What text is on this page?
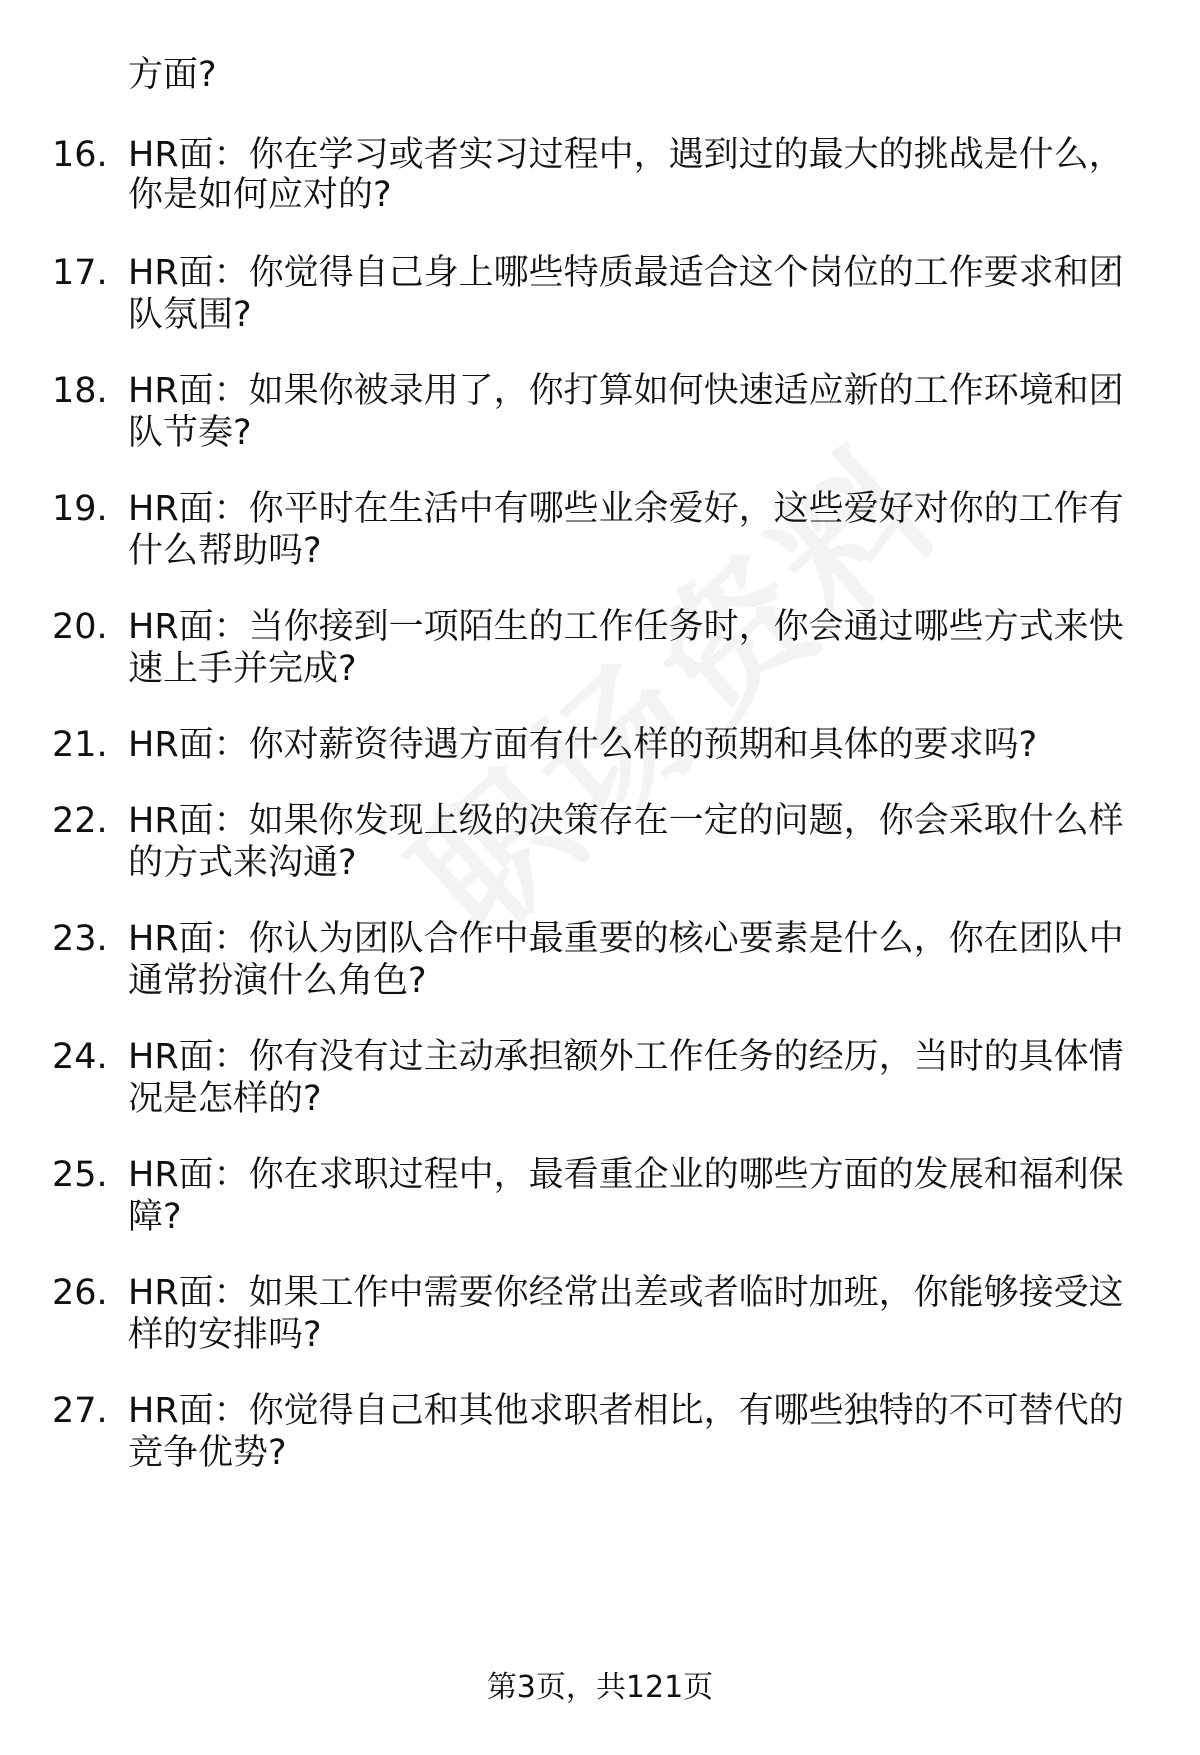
方面?
16. HR面：你在学习或者实习过程中，遇到过的最大的挑战是什么，
你是如何应对的?
17. HR面：你觉得自己身上哪些特质最适合这个岗位的工作要求和团
队氛围?
18. HR面：如果你被录用了，你打算如何快速适应新的工作环境和团
队节奏?
19. HR面：你平时在生活中有哪些业余爱好，这些爱好对你的工作有
什么帮助吗?
20. HR面：当你接到一项陌生的工作任务时，你会通过哪些方式来快
速上手并完成?
21. HR面：你对薪资待遇方面有什么样的预期和具体的要求吗?
22. HR面：如果你发现上级的决策存在一定的问题，你会采取什么样
的方式来沟通?
23. HR面：你认为团队合作中最重要的核心要素是什么，你在团队中
通常扮演什么角色?
24. HR面：你有没有过主动承担额外工作任务的经历，当时的具体情
况是怎样的?
25. HR面：你在求职过程中，最看重企业的哪些方面的发展和福利保
障?
26. HR面：如果工作中需要你经常出差或者临时加班，你能够接受这
样的安排吗?
27. HR面：你觉得自己和其他求职者相比，有哪些独特的不可替代的
竞争优势?
第3页，共121页
